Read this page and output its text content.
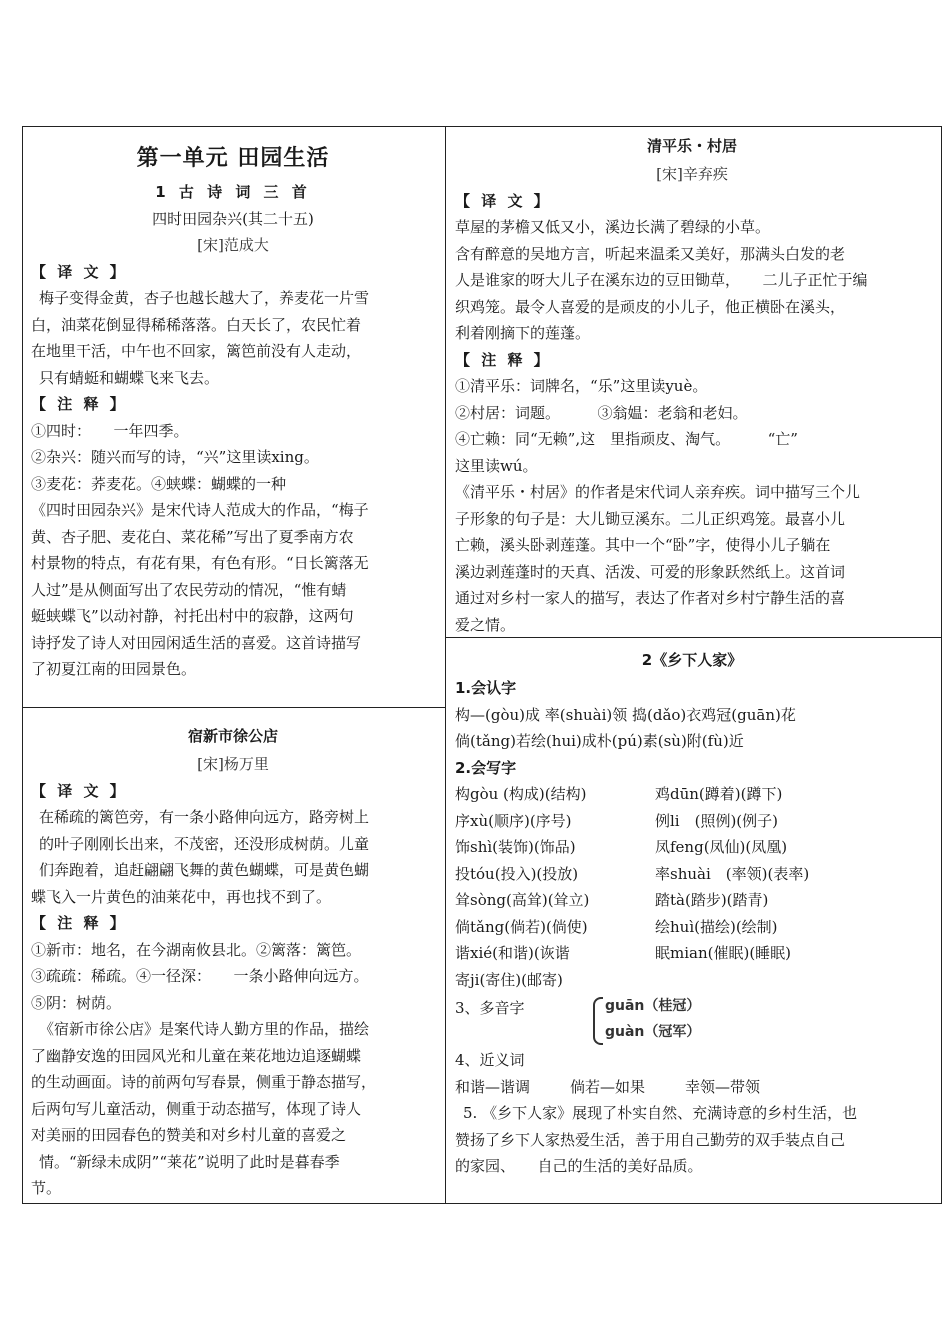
第一单元 田园生活
1 古 诗 词 三 首
四时田园杂兴(其二十五)
[宋]范成大
【 译 文 】

梅子变得金黄，杏子也越长越大了，养麦花一片雪

白，油菜花倒显得稀稀落落。白天长了，农民忙着

在地里干活，中午也不回家，篱笆前没有人走动，

只有蜻蜓和蝴蝶飞来飞去。

【 注 释 】

①四时：　　一年四季。

②杂兴：随兴而写的诗，“兴”这里读xing。

③麦花：荞麦花。④蛱蝶：蝴蝶的一种

《四时田园杂兴》是宋代诗人范成大的作品，“梅子

黄、杏子肥、麦花白、菜花稀”写出了夏季南方农

村景物的特点，有花有果，有色有形。“日长篱落无

人过”是从侧面写出了农民劳动的情况，“惟有蜻

蜓蛱蝶飞”以动衬静，衬托出村中的寂静，这两句

诗抒发了诗人对田园闲适生活的喜爱。这首诗描写

了初夏江南的田园景色。

宿新市徐公店
[宋]杨万里
【 译 文 】

在稀疏的篱笆旁，有一条小路伸向远方，路旁树上

的叶子刚刚长出来，不茂密，还没形成树荫。儿童

们奔跑着，追赶翩翩飞舞的黄色蝴蝶，可是黄色蝴

蝶飞入一片黄色的油莱花中，再也找不到了。

【 注 释 】

①新市：地名，在今湖南攸县北。②篱落：篱笆。

③疏疏：稀疏。④一径深：　　一条小路伸向远方。

⑤阴：树荫。

《宿新市徐公店》是案代诗人勤方里的作品，描绘

了幽静安逸的田园风光和儿童在莱花地边追逐蝴蝶

的生动画面。诗的前两句写春景，侧重于静态描写，

后两句写儿童活动，侧重于动态描写，体现了诗人

对美丽的田园春色的赞美和对乡村儿童的喜爱之

情。“新绿未成阴”“莱花”说明了此时是暮春季

节。

清平乐・村居
[宋]辛弃疾
【 译 文 】

草屋的茅檐又低又小，溪边长满了碧绿的小草。

含有醉意的吴地方言，听起来温柔又美好，那满头白发的老

人是谁家的呀大儿子在溪东边的豆田锄草，　　二儿子正忙于编

织鸡笼。最令人喜爱的是顽皮的小儿子，他正横卧在溪头，

利着刚摘下的莲蓬。

【 注 释 】

①清平乐：词牌名，“乐”这里读yuè。

②村居：词题。　　　③翁媪：老翁和老妇。

④亡赖：同“无赖”,这　里指顽皮、淘气。　　　“亡”

这里读wú。

《清平乐・村居》的作者是宋代词人亲弃疾。词中描写三个儿

子形象的句子是：大儿锄豆溪东。二儿正织鸡笼。最喜小儿

亡赖，溪头卧剥莲蓬。其中一个“卧”字，使得小儿子躺在

溪边剥莲蓬时的天真、活泼、可爱的形象跃然纸上。这首词

通过对乡村一家人的描写，表达了作者对乡村宁静生活的喜

爱之情。

2《乡下人家》
1.会认字

构—(gòu)成 率(shuài)领 捣(dǎo)衣鸡冠(guān)花

倘(tǎng)若绘(hui)成朴(pú)素(sù)附(fù)近

2.会写字
构gòu (构成)(结构)	鸡dūn(蹲着)(蹲下)
序xù(顺序)(序号)	例li　(照例)(例子)
饰shì(装饰)(饰品)	凤feng(凤仙)(凤凰)
投tóu(投入)(投放)	率shuài　(率领)(表率)
耸sòng(高耸)(耸立)	踏tà(踏步)(踏青)
倘tǎng(倘若)(倘使)	绘huì(描绘)(绘制)
谐xié(和谐)(诙谐	眠mian(催眠)(睡眠)
寄ji(寄住)(邮寄)
3、多音字	guān（桂冠）
guàn（冠军）
4、近义词
和谐—谐调	倘若—如果	幸领—带领

5. 《乡下人家》展现了朴实自然、充满诗意的乡村生活，也

赞扬了乡下人家热爱生活，善于用自己勤劳的双手装点自己

的家园、　　自己的生活的美好品质。
